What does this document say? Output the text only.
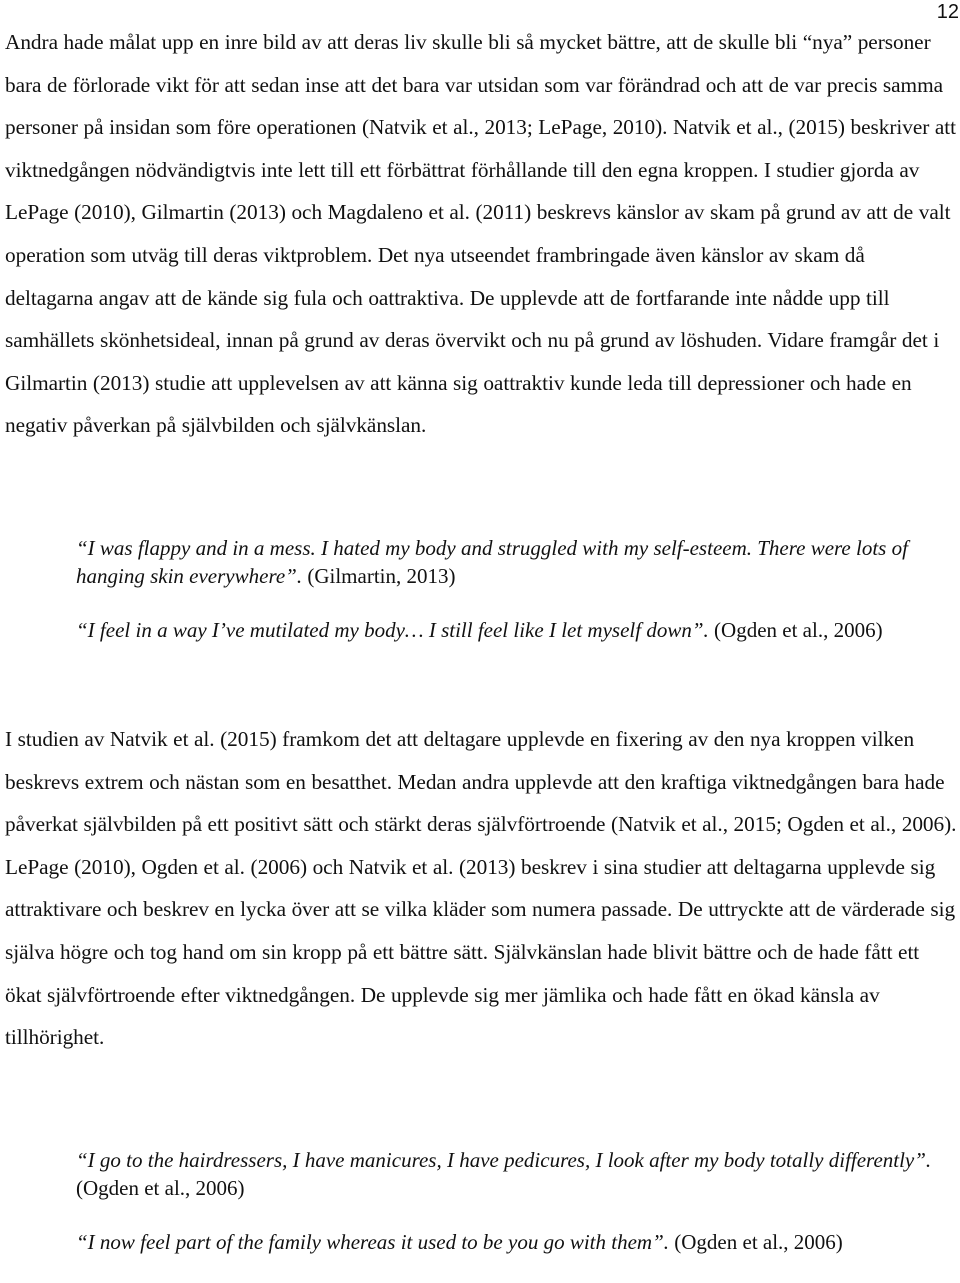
12

Andra hade målat upp en inre bild av att deras liv skulle bli så mycket bättre, att de skulle bli “nya” personer bara de förlorade vikt för att sedan inse att det bara var utsidan som var förändrad och att de var precis samma personer på insidan som före operationen (Natvik et al., 2013; LePage, 2010). Natvik et al., (2015) beskriver att viktnedgången nödvändigtvis inte lett till ett förbättrat förhållande till den egna kroppen. I studier gjorda av LePage (2010), Gilmartin (2013) och Magdaleno et al. (2011) beskrevs känslor av skam på grund av att de valt operation som utväg till deras viktproblem. Det nya utseendet frambringade även känslor av skam då deltagarna angav att de kände sig fula och oattraktiva. De upplevde att de fortfarande inte nådde upp till samhällets skönhetsideal, innan på grund av deras övervikt och nu på grund av löshuden. Vidare framgår det i Gilmartin (2013) studie att upplevelsen av att känna sig oattraktiv kunde leda till depressioner och hade en negativ påverkan på självbilden och självkänslan.

“I was flappy and in a mess. I hated my body and struggled with my self-esteem. There were lots of hanging skin everywhere”. (Gilmartin, 2013)

“I feel in a way I’ve mutilated my body… I still feel like I let myself down”. (Ogden et al., 2006)

I studien av Natvik et al. (2015) framkom det att deltagare upplevde en fixering av den nya kroppen vilken beskrevs extrem och nästan som en besatthet. Medan andra upplevde att den kraftiga viktnedgången bara hade påverkat självbilden på ett positivt sätt och stärkt deras självförtroende (Natvik et al., 2015; Ogden et al., 2006). LePage (2010), Ogden et al. (2006) och Natvik et al. (2013) beskrev i sina studier att deltagarna upplevde sig attraktivare och beskrev en lycka över att se vilka kläder som numera passade. De uttryckte att de värderade sig själva högre och tog hand om sin kropp på ett bättre sätt. Självkänslan hade blivit bättre och de hade fått ett ökat självförtroende efter viktnedgången. De upplevde sig mer jämlika och hade fått en ökad känsla av tillhörighet.

“I go to the hairdressers, I have manicures, I have pedicures, I look after my body totally differently”. (Ogden et al., 2006)

“I now feel part of the family whereas it used to be you go with them”. (Ogden et al., 2006)
